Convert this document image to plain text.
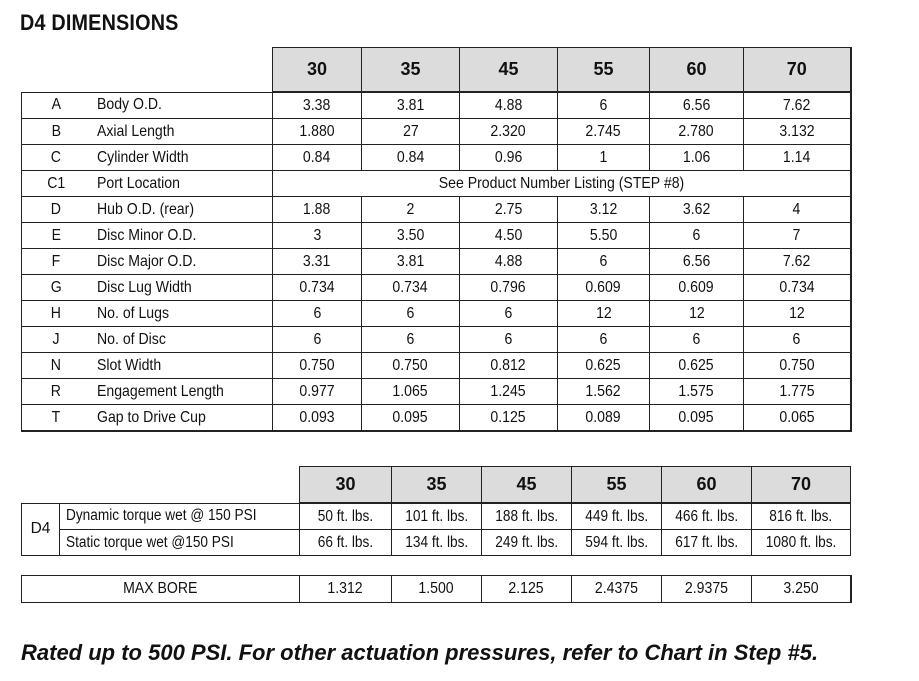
D4 DIMENSIONS
		30	35	45	55	60	70
A	Body O.D.	3.38	3.81	4.88	6	6.56	7.62
B	Axial Length	1.880	27	2.320	2.745	2.780	3.132
C	Cylinder Width	0.84	0.84	0.96	1	1.06	1.14
C1	Port Location	See Product Number Listing (STEP #8)					
D	Hub O.D. (rear)	1.88	2	2.75	3.12	3.62	4
E	Disc Minor O.D.	3	3.50	4.50	5.50	6	7
F	Disc Major O.D.	3.31	3.81	4.88	6	6.56	7.62
G	Disc Lug Width	0.734	0.734	0.796	0.609	0.609	0.734
H	No. of Lugs	6	6	6	12	12	12
J	No. of Disc	6	6	6	6	6	6
N	Slot Width	0.750	0.750	0.812	0.625	0.625	0.750
R	Engagement Length	0.977	1.065	1.245	1.562	1.575	1.775
T	Gap to Drive Cup	0.093	0.095	0.125	0.089	0.095	0.065
		30	35	45	55	60	70
D4	Dynamic torque wet @ 150 PSI	50 ft. lbs.	101 ft. lbs.	188 ft. lbs.	449 ft. lbs.	466 ft. lbs.	816 ft. lbs.
	Static torque wet @150 PSI	66 ft. lbs.	134 ft. lbs.	249 ft. lbs.	594 ft. lbs.	617 ft. lbs.	1080 ft. lbs.
MAX BORE	1.312	1.500	2.125	2.4375	2.9375	3.250
Rated up to 500 PSI. For other actuation pressures, refer to Chart in Step #5.
